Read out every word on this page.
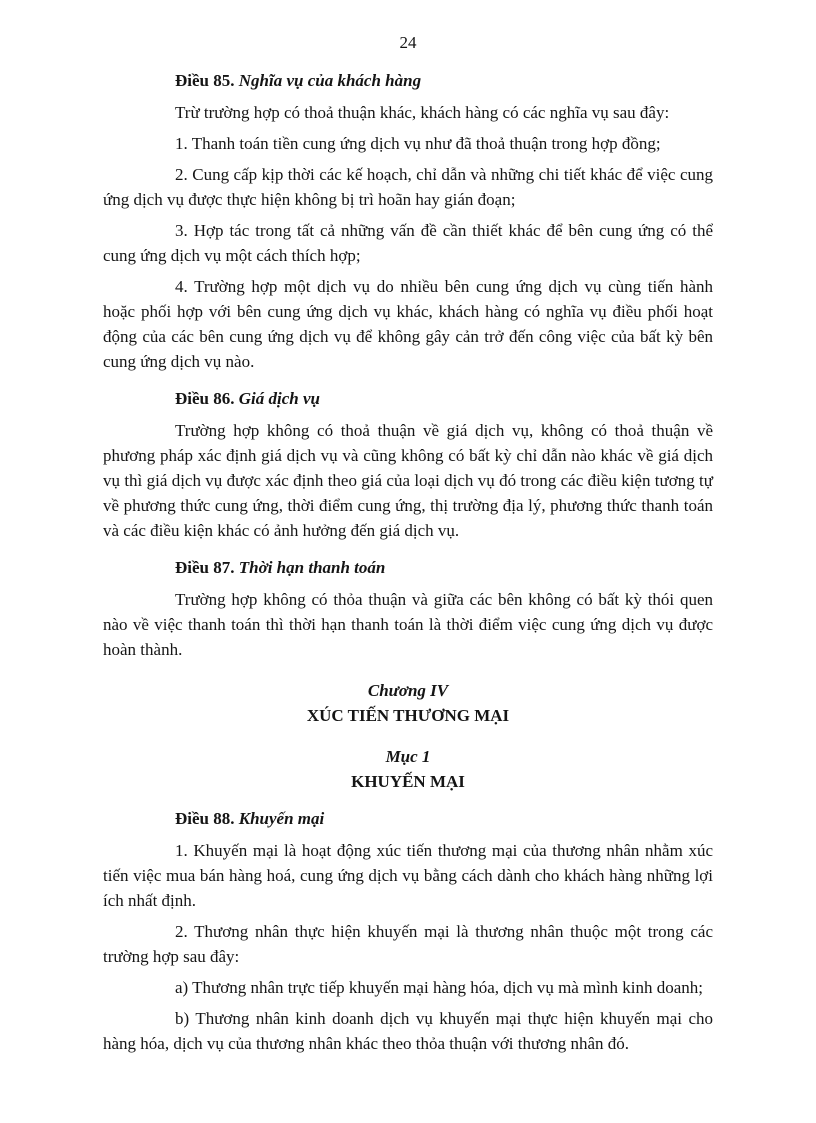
24

Điều 85. Nghĩa vụ của khách hàng

Trừ trường hợp có thoả thuận khác, khách hàng có các nghĩa vụ sau đây:

1. Thanh toán tiền cung ứng dịch vụ như đã thoả thuận trong hợp đồng;

2. Cung cấp kịp thời các kế hoạch, chỉ dẫn và những chi tiết khác để việc cung ứng dịch vụ được thực hiện không bị trì hoãn hay gián đoạn;

3. Hợp tác trong tất cả những vấn đề cần thiết khác để bên cung ứng có thể cung ứng dịch vụ một cách thích hợp;

4. Trường hợp một dịch vụ do nhiều bên cung ứng dịch vụ cùng tiến hành hoặc phối hợp với bên cung ứng dịch vụ khác, khách hàng có nghĩa vụ điều phối hoạt động của các bên cung ứng dịch vụ để không gây cản trở đến công việc của bất kỳ bên cung ứng dịch vụ nào.

Điều 86. Giá dịch vụ

Trường hợp không có thoả thuận về giá dịch vụ, không có thoả thuận về phương pháp xác định giá dịch vụ và cũng không có bất kỳ chỉ dẫn nào khác về giá dịch vụ thì giá dịch vụ được xác định theo giá của loại dịch vụ đó trong các điều kiện tương tự về phương thức cung ứng, thời điểm cung ứng, thị trường địa lý, phương thức thanh toán và các điều kiện khác có ảnh hưởng đến giá dịch vụ.

Điều 87. Thời hạn thanh toán

Trường hợp không có thỏa thuận và giữa các bên không có bất kỳ thói quen nào về việc thanh toán thì thời hạn thanh toán là thời điểm việc cung ứng dịch vụ được hoàn thành.

Chương IV

XÚC TIẾN THƯƠNG MẠI

Mục 1

KHUYẾN MẠI

Điều 88. Khuyến mại

1. Khuyến mại là hoạt động xúc tiến thương mại của thương nhân nhằm xúc tiến việc mua bán hàng hoá, cung ứng dịch vụ bằng cách dành cho khách hàng những lợi ích nhất định.

2. Thương nhân thực hiện khuyến mại là thương nhân thuộc một trong các trường hợp sau đây:

a) Thương nhân trực tiếp khuyến mại hàng hóa, dịch vụ mà mình kinh doanh;

b) Thương nhân kinh doanh dịch vụ khuyến mại thực hiện khuyến mại cho hàng hóa, dịch vụ của thương nhân khác theo thỏa thuận với thương nhân đó.
